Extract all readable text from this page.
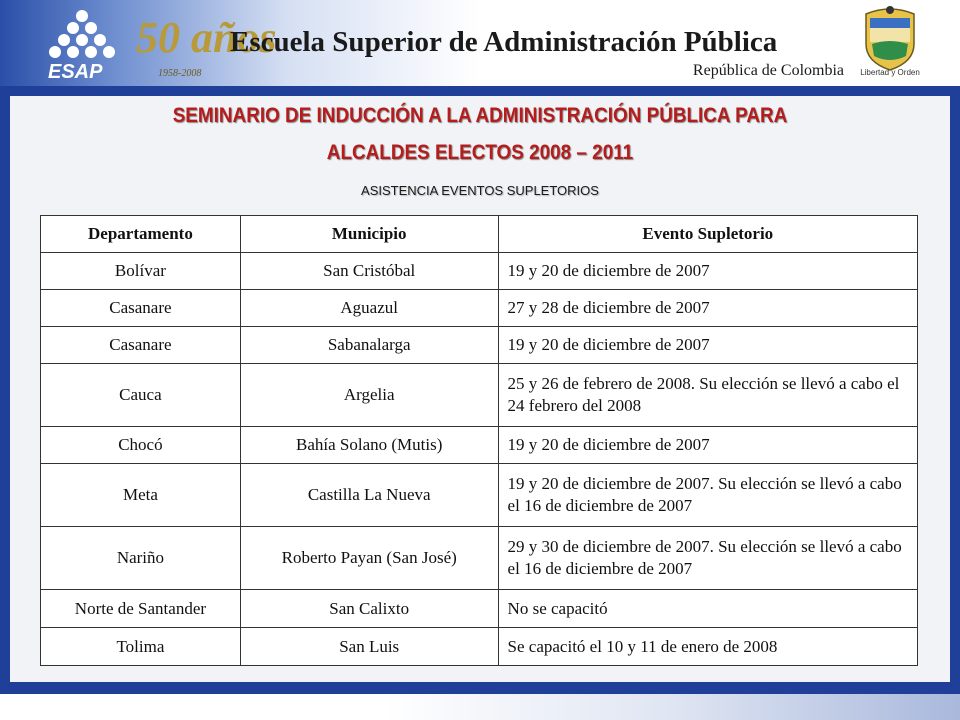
ESAP
50 años
1958-2008
Escuela Superior de Administración Pública
República de Colombia	Libertad y Orden
SEMINARIO DE INDUCCIÓN A LA ADMINISTRACIÓN PÚBLICA PARA
ALCALDES ELECTOS 2008 – 2011
ASISTENCIA EVENTOS SUPLETORIOS
Departamento	Municipio	Evento Supletorio
Bolívar	San Cristóbal	19 y 20 de diciembre de 2007
Casanare	Aguazul	27 y 28 de diciembre de 2007
Casanare	Sabanalarga	19 y 20 de diciembre de 2007
Cauca	Argelia	25 y 26 de febrero de 2008. Su elección se llevó a cabo el 24 febrero del 2008
Chocó	Bahía Solano (Mutis)	19 y 20 de diciembre de 2007
Meta	Castilla La Nueva	19 y 20 de diciembre de 2007. Su elección se llevó a cabo el 16 de diciembre de 2007
Nariño	Roberto Payan (San José)	29 y 30 de diciembre de 2007. Su elección se llevó a cabo el 16 de diciembre de 2007
Norte de Santander	San Calixto	No se capacitó
Tolima	San Luis	Se capacitó el 10 y 11 de enero de 2008
